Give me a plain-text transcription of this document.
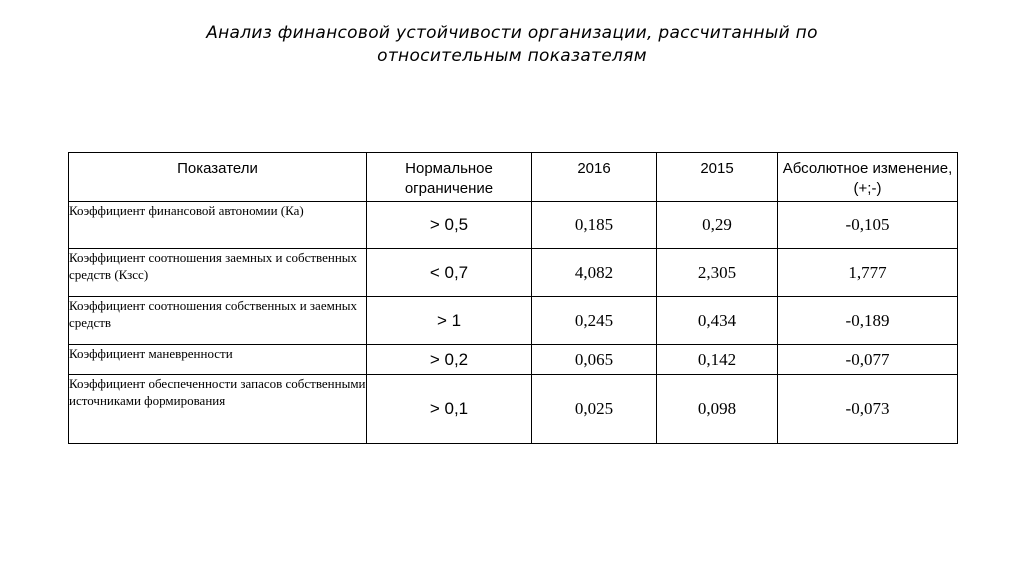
Анализ финансовой устойчивости организации, рассчитанный по
относительным показателям
Показатели	Нормальное ограничение	2016	2015	Абсолютное изменение, (+;-)
Коэффициент финансовой автономии (Ка)	> 0,5	0,185	0,29	-0,105
Коэффициент соотношения заемных и собственных средств (Кзсс)	< 0,7	4,082	2,305	1,777
Коэффициент соотношения собственных и заемных средств	> 1	0,245	0,434	-0,189
Коэффициент маневренности	> 0,2	0,065	0,142	-0,077
Коэффициент обеспеченности запасов собственными источниками формирования	> 0,1	0,025	0,098	-0,073
